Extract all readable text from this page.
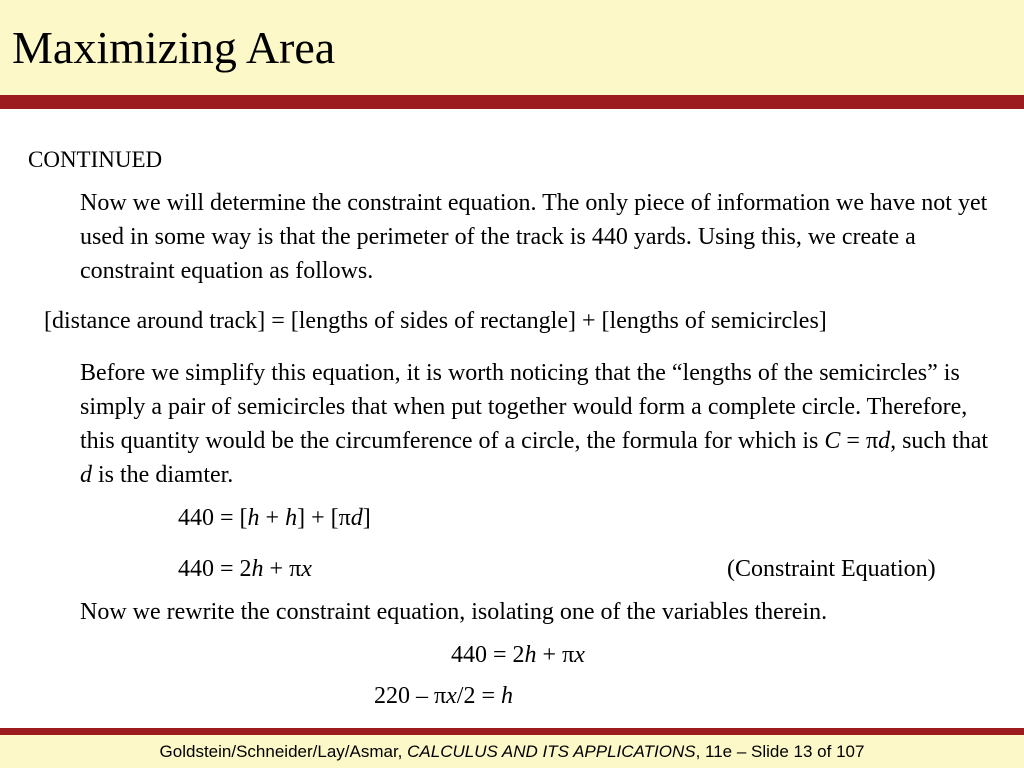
Maximizing Area
CONTINUED
Now we will determine the constraint equation. The only piece of information we have not yet used in some way is that the perimeter of the track is 440 yards. Using this, we create a constraint equation as follows.
[distance around track] = [lengths of sides of rectangle] + [lengths of semicircles]
Before we simplify this equation, it is worth noticing that the “lengths of the semicircles” is simply a pair of semicircles that when put together would form a complete circle. Therefore, this quantity would be the circumference of a circle, the formula for which is C = πd, such that d is the diamter.
440 = [h + h] + [πd]
440 = 2h + πx	(Constraint Equation)
Now we rewrite the constraint equation, isolating one of the variables therein.
440 = 2h + πx
220 – πx/2 = h
Goldstein/Schneider/Lay/Asmar, CALCULUS AND ITS APPLICATIONS, 11e – Slide 13 of 107
